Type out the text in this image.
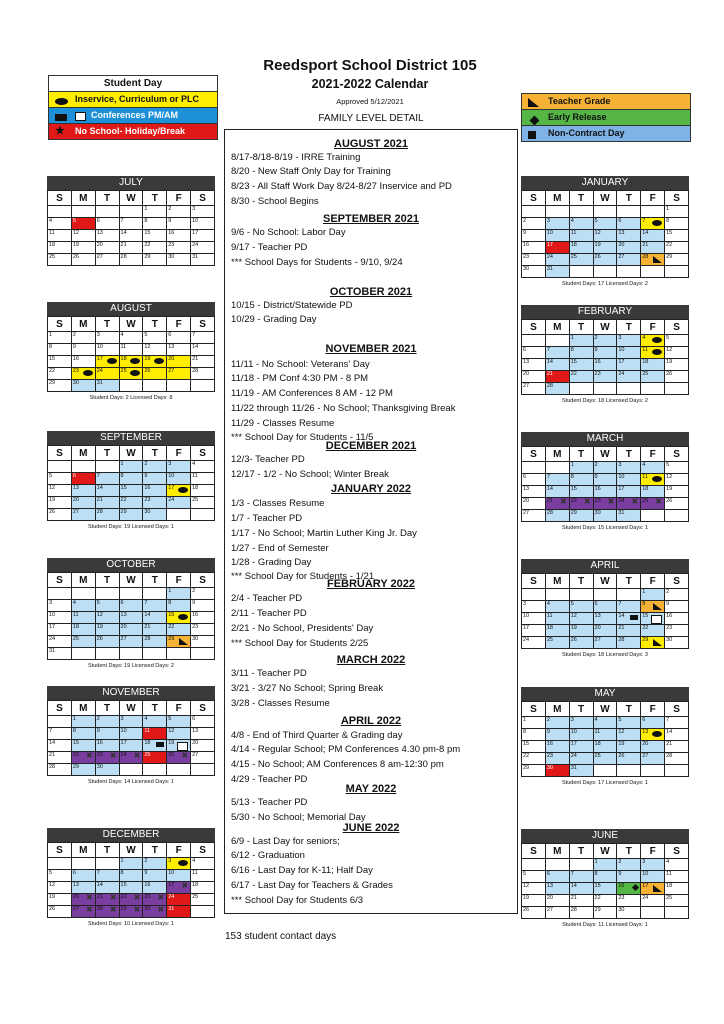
Reedsport School District 105
2021-2022 Calendar
Approved 5/12/2021
Student Day
Inservice, Curriculum or PLC
Conferences PM/AM
★ No School- Holiday/Break
Teacher Grade
Early Release
Non-Contract Day
FAMILY LEVEL DETAIL
AUGUST 2021
8/17-8/18-8/19 - IRRE Training
8/20 - New Staff Only Day for Training
8/23 - All Staff Work Day 8/24-8/27 Inservice and PD
8/30 - School Begins
SEPTEMBER 2021
9/6 - No School: Labor Day
9/17 - Teacher PD
*** School Days for Students - 9/10, 9/24
OCTOBER 2021
10/15 - District/Statewide PD
10/29 - Grading Day
NOVEMBER 2021
11/11 - No School: Veterans' Day
11/18 - PM Conf 4:30 PM - 8 PM
11/19 - AM Conferences 8 AM - 12 PM
11/22 through 11/26 - No School; Thanksgiving Break
11/29 - Classes Resume
*** School Day for Students - 11/5
DECEMBER 2021
12/3- Teacher PD
12/17 - 1/2 - No School; Winter Break
JANUARY 2022
1/3 - Classes Resume
1/7 - Teacher PD
1/17 - No School; Martin Luther King Jr. Day
1/27 - End of Semester
1/28 - Grading Day
*** School Day for Students - 1/21
FEBRUARY 2022
2/4 - Teacher PD
2/11 - Teacher PD
2/21 - No School, Presidents' Day
*** School Day for Students 2/25
MARCH 2022
3/11 - Teacher PD
3/21 - 3/27 No School; Spring Break
3/28 - Classes Resume
APRIL 2022
4/8 - End of Third Quarter & Grading day
4/14 - Regular School; PM Conferences 4.30 pm-8 pm
4/15 - No School; AM Conferences 8 am-12:30 pm
4/29 - Teacher PD
MAY 2022
5/13 - Teacher PD
5/30 - No School; Memorial Day
JUNE 2022
6/9 - Last Day for seniors;
6/12 - Graduation
6/16 - Last Day for K-11; Half Day
6/17 - Last Day for Teachers & Grades
*** School Day for Students 6/3
153 student contact days
JULY
S	M	T	W	T	F	S
				1	2	3
4	5	6	7	8	9	10
11	12	13	14	15	16	17
18	19	20	21	22	23	24
25	26	27	28	29	30	31
AUGUST
S	M	T	W	T	F	S
1	2	3	4	5	6	7
8	9	10	11	12	13	14
15	16	17	18	19	20	21
22	23	24	25	26	27	28
29	30	31				
Student Days: 2 Licensed Days: 8
SEPTEMBER
S	M	T	W	T	F	S
			1	2	3	4
5	6	7	8	9	10	11
12	13	14	15	16	17	18
19	20	21	22	23	24	25
26	27	28	29	30		
Student Days: 19 Licensed Days: 1
OCTOBER
S	M	T	W	T	F	S
					1	2
3	4	5	6	7	8	9
10	11	12	13	14	15	16
17	18	19	20	21	22	23
24	25	26	27	28	29	30
31						
Student Days: 19 Licensed Days: 2
NOVEMBER
S	M	T	W	T	F	S
	1	2	3	4	5	6
7	8	9	10	11	12	13
14	15	16	17	18	19	20
21	22 ✖	23 ✖	24 ✖	25	26 ✖	27
28	29	30				
Student Days: 14 Licensed Days: 1
DECEMBER
S	M	T	W	T	F	S
			1	2	3	4
5	6	7	8	9	10	11
12	13	14	15	16	17 ✖	18
19	20 ✖	21 ✖	22 ✖	23 ✖	24	25
26	27 ✖	28 ✖	29 ✖	30 ✖	31	
Student Days: 10 Licensed Days: 1
JANUARY
S	M	T	W	T	F	S
						1
2	3	4	5	6	7	8
9	10	11	12	13	14	15
16	17	18	19	20	21	22
23	24	25	26	27	28	29
30	31					
Student Days: 17 Licensed Days: 2
FEBRUARY
S	M	T	W	T	F	S
		1	2	3	4	5
6	7	8	9	10	11	12
13	14	15	16	17	18	19
20	21	22	23	24	25	26
27	28					
Student Days: 18 Licensed Days: 2
MARCH
S	M	T	W	T	F	S
		1	2	3	4	5
6	7	8	9	10	11	12
13	14	15	16	17	18	19
20	21 ✖	22 ✖	23 ✖	24 ✖	25 ✖	26
27	28	29	30	31		
Student Days: 15 Licensed Days: 1
APRIL
S	M	T	W	T	F	S
					1	2
3	4	5	6	7	8	9
10	11	12	13	14	15	16
17	18	19	20	21	22	23
24	25	26	27	28	29	30
Student Days: 18 Licensed Days: 3
MAY
S	M	T	W	T	F	S
1	2	3	4	5	6	7
8	9	10	11	12	13	14
15	16	17	18	19	20	21
22	23	24	25	26	27	28
29	30	31				
Student Days: 17 Licensed Days: 1
JUNE
S	M	T	W	T	F	S
			1	2	3	4
5	6	7	8	9	10	11
12	13	14	15	16	17	18
19	20	21	22	23	24	25
26	27	28	29	30		
Student Days: 11 Licensed Days: 1
